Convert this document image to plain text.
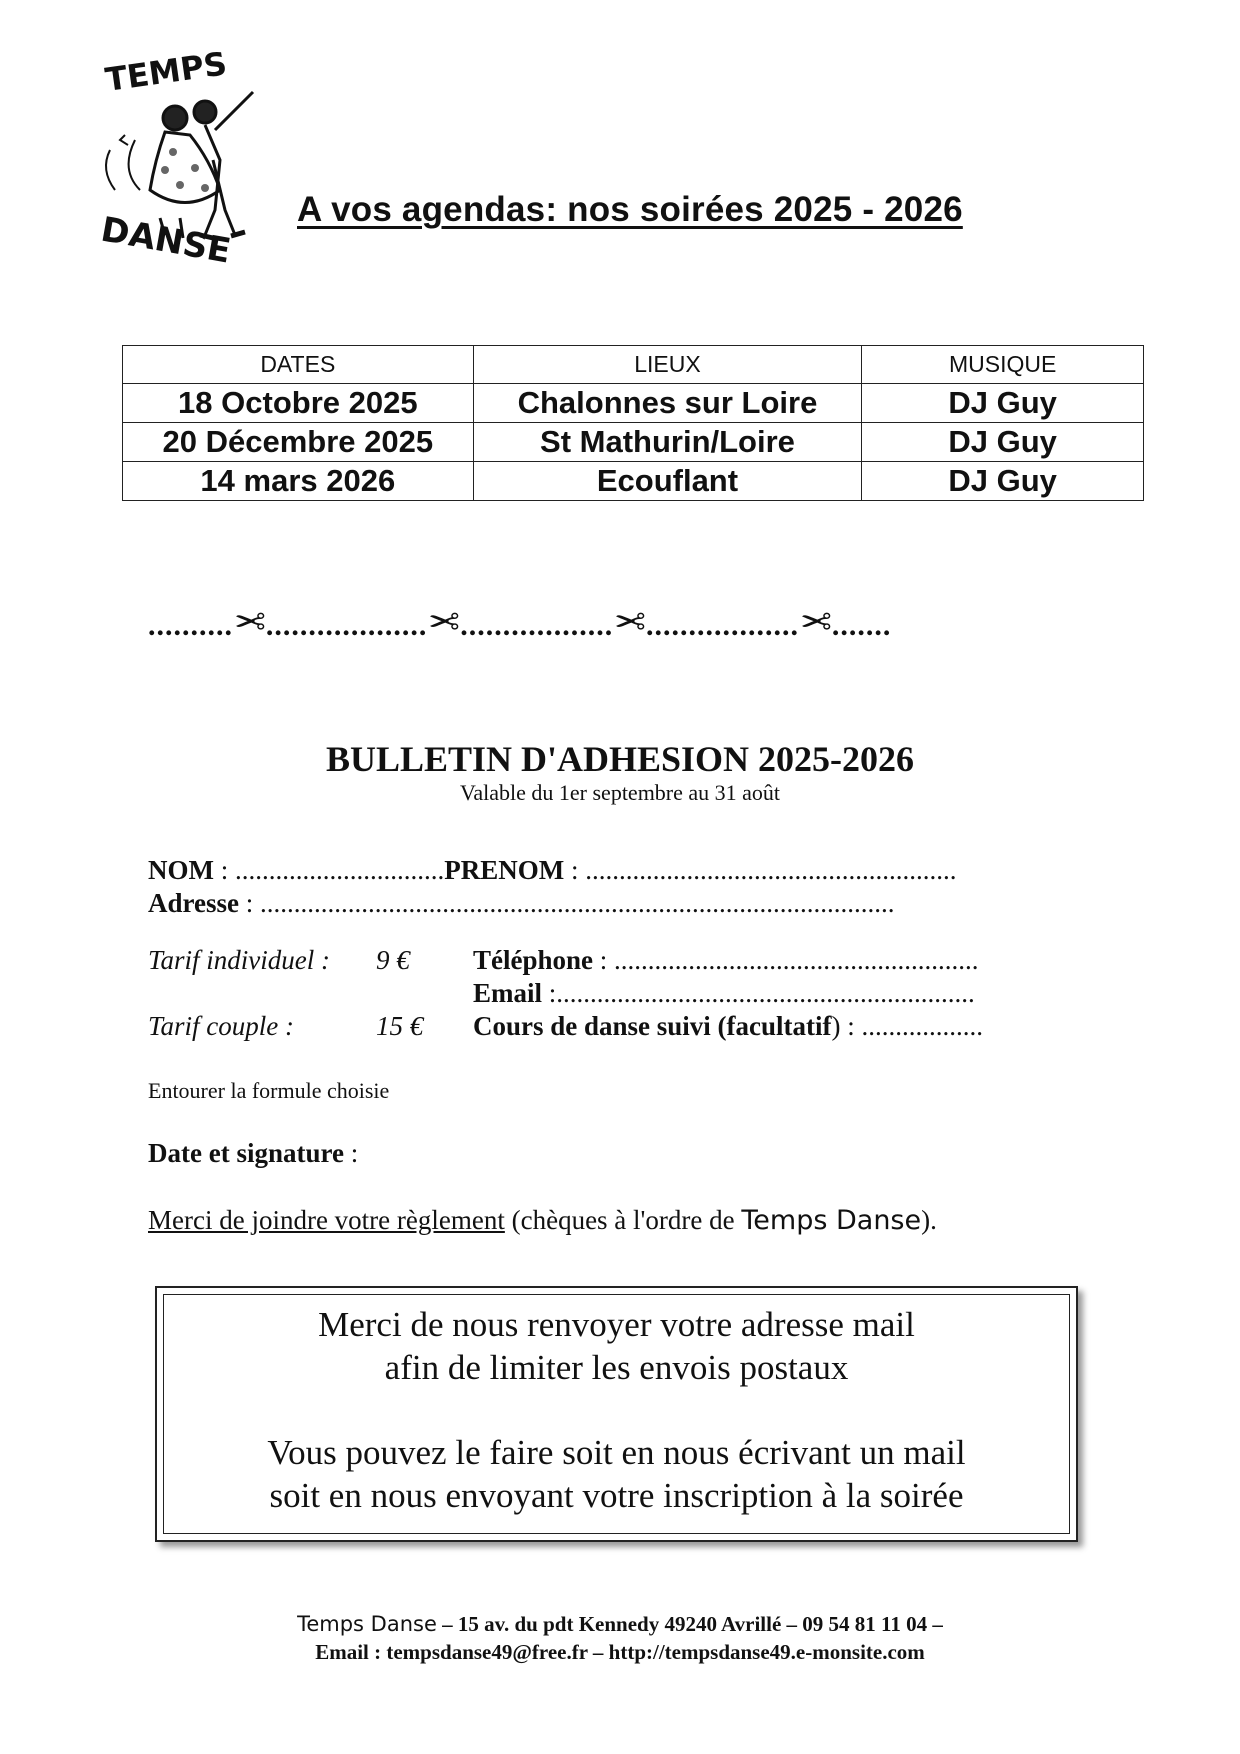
TEMPS
DANSE
A vos agendas: nos soirées 2025 - 2026
DATES	LIEUX	MUSIQUE
18 Octobre 2025	Chalonnes sur Loire	DJ Guy
20 Décembre 2025	St Mathurin/Loire	DJ Guy
14 mars 2026	Ecouflant	DJ Guy
..........✂...................✂..................✂..................✂.......
BULLETIN D'ADHESION 2025-2026
Valable du 1er septembre au 31 août
NOM : ...............................PRENOM : .......................................................
Adresse : ..............................................................................................
Tarif individuel : 9 € Téléphone : ......................................................
Email :..............................................................
Tarif couple :	15 € Cours de danse suivi (facultatif) : ..................
Entourer la formule choisie
Date et signature :
Merci de joindre votre règlement (chèques à l'ordre de Temps Danse).

Merci de nous renvoyer votre adresse mail

afin de limiter les envois postaux

Vous pouvez le faire soit en nous écrivant un mail

soit en nous envoyant votre inscription à la soirée

Temps Danse – 15 av. du pdt Kennedy 49240 Avrillé – 09 54 81 11 04 –
Email : tempsdanse49@free.fr – http://tempsdanse49.e-monsite.com
